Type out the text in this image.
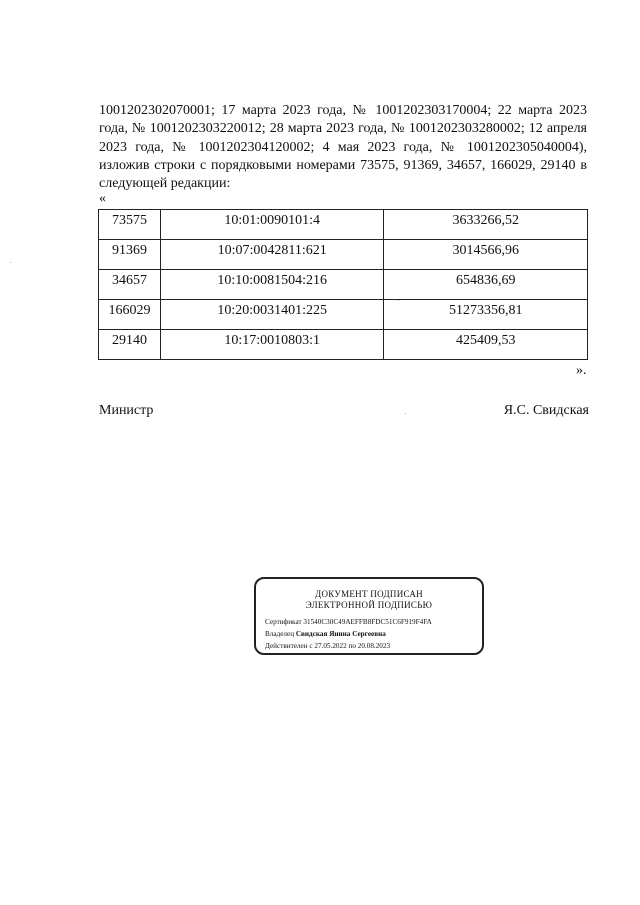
1001202302070001; 17 марта 2023 года, № 1001202303170004; 22 марта 2023 года, № 1001202303220012; 28 марта 2023 года, № 1001202303280002; 12 апреля 2023 года, № 1001202304120002; 4 мая 2023 года, № 1001202305040004), изложив строки с порядковыми номерами 73575, 91369, 34657, 166029, 29140 в следующей редакции:

«
73575	10:01:0090101:4	3633266,52
91369	10:07:0042811:621	3014566,96
34657	10:10:0081504:216	654836,69
166029	10:20:0031401:225	51273356,81
29140	10:17:0010803:1	425409,53
».
Министр	Я.С. Свидская
ДОКУМЕНТ ПОДПИСАН
ЭЛЕКТРОННОЙ ПОДПИСЬЮ
Сертификат 31540C30C49AEFFB8FDC51C6F919F4FA
Владелец Свидская Янина Сергеевна
Действителен с 27.05.2022 по 20.08.2023
